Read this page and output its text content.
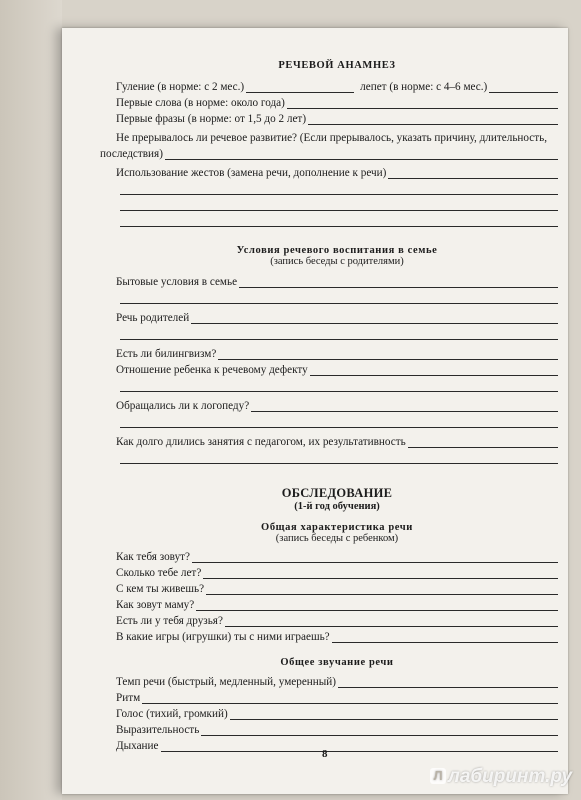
РЕЧЕВОЙ АНАМНЕЗ
Гуление (в норме: с 2 мес.)	лепет (в норме: с 4–6 мес.)
Первые слова (в норме: около года)
Первые фразы (в норме: от 1,5 до 2 лет)
Не прерывалось ли речевое развитие? (Если прерывалось, указать причину, длительность,
последствия)
Использование жестов (замена речи, дополнение к речи)
Условия речевого воспитания в семье
(запись беседы с родителями)
Бытовые условия в семье
Речь родителей
Есть ли билингвизм?
Отношение ребенка к речевому дефекту
Обращались ли к логопеду?
Как долго длились занятия с педагогом, их результативность
ОБСЛЕДОВАНИЕ
(1-й год обучения)
Общая характеристика речи
(запись беседы с ребенком)
Как тебя зовут?
Сколько тебе лет?
С кем ты живешь?
Как зовут маму?
Есть ли у тебя друзья?
В какие игры (игрушки) ты с ними играешь?
Общее звучание речи
Темп речи (быстрый, медленный, умеренный)
Ритм
Голос (тихий, громкий)
Выразительность
Дыхание
8
Л лабиринт.ру
